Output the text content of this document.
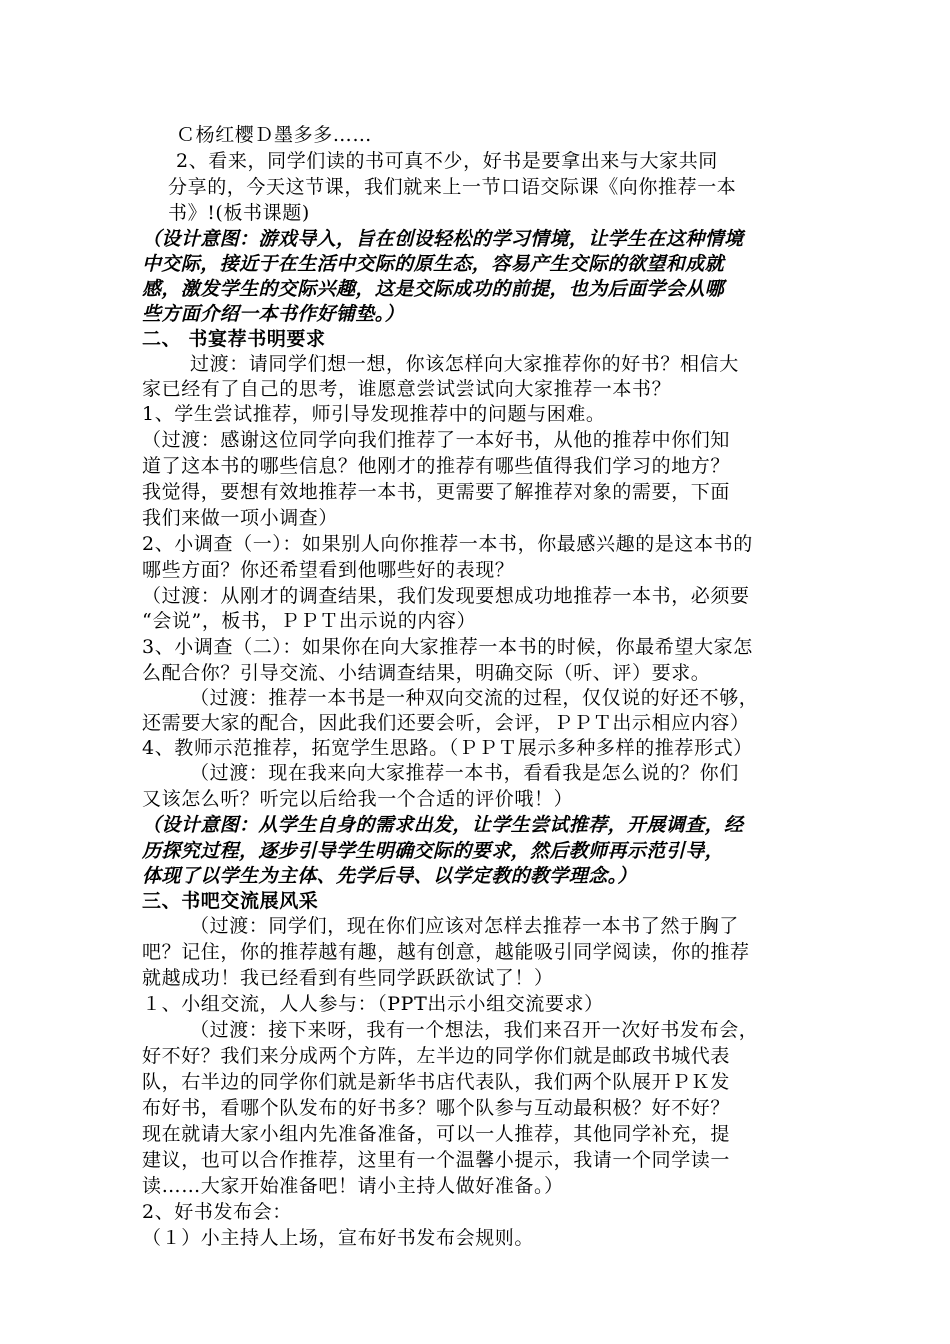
Ｃ杨红樱Ｄ墨多多……
2、看来，同学们读的书可真不少，好书是要拿出来与大家共同
分享的，今天这节课，我们就来上一节口语交际课《向你推荐一本
书》!(板书课题)
（设计意图：游戏导入，旨在创设轻松的学习情境，让学生在这种情境
中交际，接近于在生活中交际的原生态，容易产生交际的欲望和成就
感，激发学生的交际兴趣，这是交际成功的前提，也为后面学会从哪
些方面介绍一本书作好铺垫。）
二、 书宴荐书明要求
过渡：请同学们想一想，你该怎样向大家推荐你的好书？相信大
家已经有了自己的思考，谁愿意尝试尝试向大家推荐一本书？
1、学生尝试推荐，师引导发现推荐中的问题与困难。
（过渡：感谢这位同学向我们推荐了一本好书，从他的推荐中你们知
道了这本书的哪些信息？他刚才的推荐有哪些值得我们学习的地方？
我觉得，要想有效地推荐一本书，更需要了解推荐对象的需要，下面
我们来做一项小调查）
2、小调查（一）：如果别人向你推荐一本书，你最感兴趣的是这本书的
哪些方面？你还希望看到他哪些好的表现？
（过渡：从刚才的调查结果，我们发现要想成功地推荐一本书，必须要
“会说”，板书，ＰＰＴ出示说的内容）
3、小调查（二）：如果你在向大家推荐一本书的时候，你最希望大家怎
么配合你？引导交流、小结调查结果，明确交际（听、评）要求。
（过渡：推荐一本书是一种双向交流的过程，仅仅说的好还不够，
还需要大家的配合，因此我们还要会听，会评，ＰＰＴ出示相应内容）
4、教师示范推荐，拓宽学生思路。（ＰＰＴ展示多种多样的推荐形式）
（过渡：现在我来向大家推荐一本书，看看我是怎么说的？你们
又该怎么听？听完以后给我一个合适的评价哦！）
（设计意图：从学生自身的需求出发，让学生尝试推荐，开展调查，经
历探究过程，逐步引导学生明确交际的要求，然后教师再示范引导，
体现了以学生为主体、先学后导、以学定教的教学理念。）
三、书吧交流展风采
（过渡：同学们，现在你们应该对怎样去推荐一本书了然于胸了
吧？记住，你的推荐越有趣，越有创意，越能吸引同学阅读，你的推荐
就越成功！我已经看到有些同学跃跃欲试了！）
１、小组交流，人人参与：（PPT出示小组交流要求）
（过渡：接下来呀，我有一个想法，我们来召开一次好书发布会，
好不好？我们来分成两个方阵，左半边的同学你们就是邮政书城代表
队，右半边的同学你们就是新华书店代表队，我们两个队展开ＰＫ发
布好书，看哪个队发布的好书多？哪个队参与互动最积极？好不好？
现在就请大家小组内先准备准备，可以一人推荐，其他同学补充，提
建议，也可以合作推荐，这里有一个温馨小提示，我请一个同学读一
读……大家开始准备吧！请小主持人做好准备。）
2、好书发布会：
（１）小主持人上场，宣布好书发布会规则。
